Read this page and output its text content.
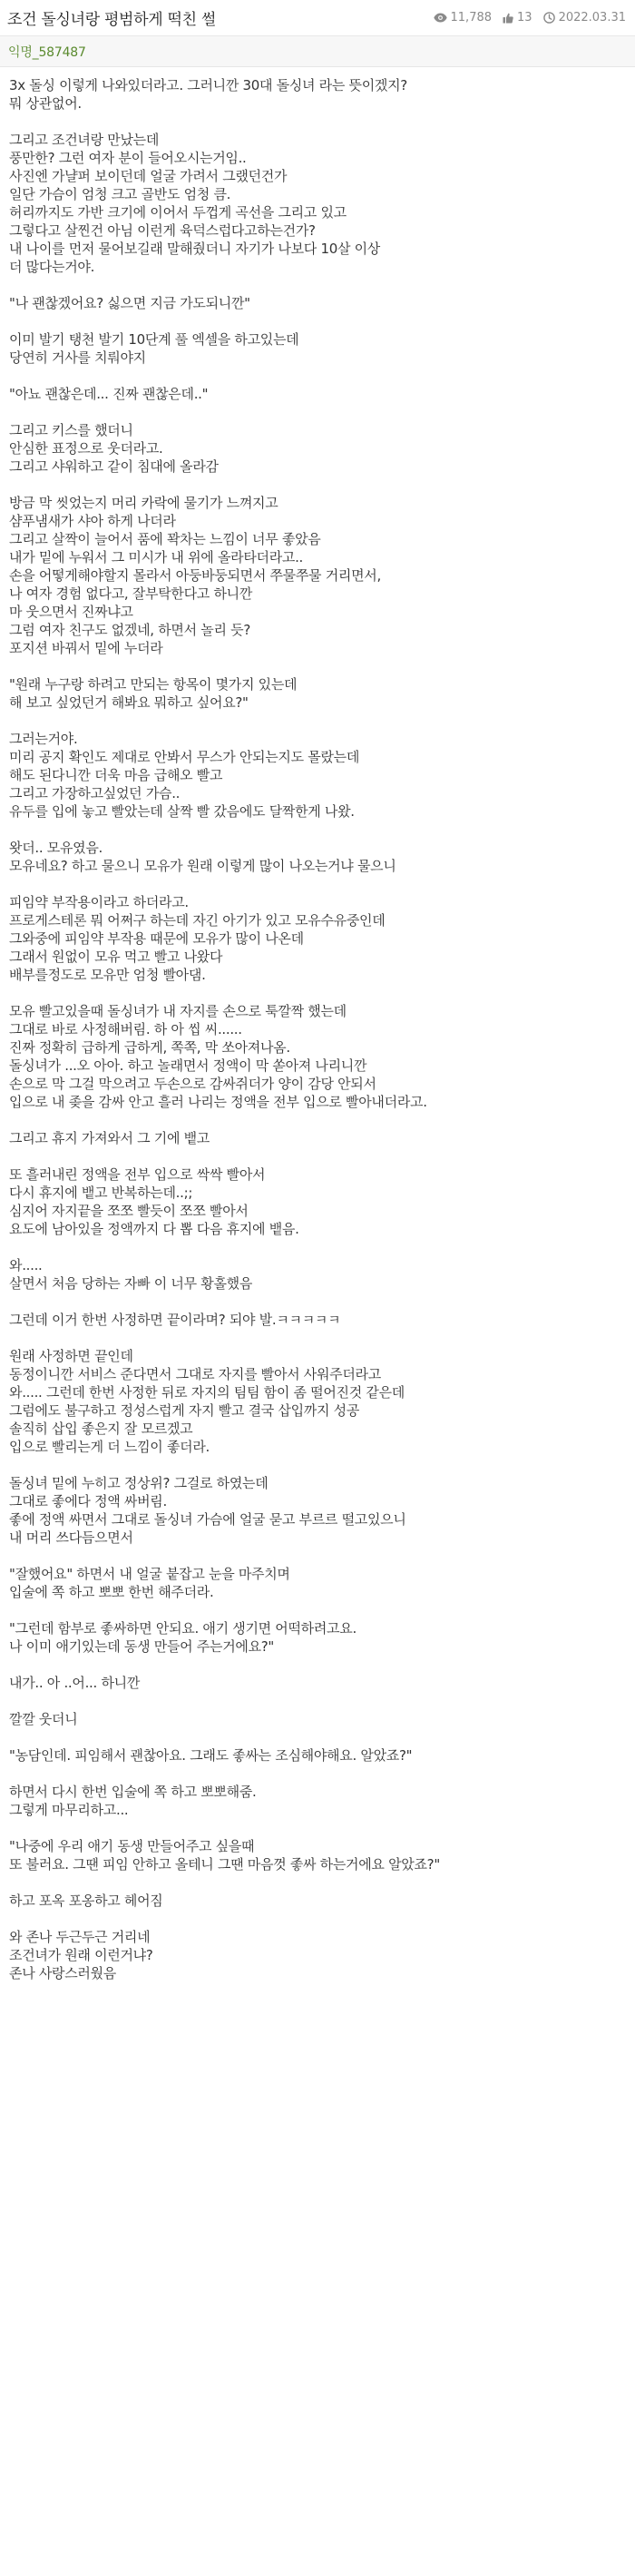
조건 돌싱녀랑 평범하게 떡친 썰	11,788 13 2022.03.31
익명_587487

3x 돌싱 이렇게 나와있더라고. 그러니깐 30대 돌싱녀 라는 뜻이겠지?
뭐 상관없어.

그리고 조건녀랑 만났는데
풍만한? 그런 여자 분이 들어오시는거임..
사진엔 가냘퍼 보이던데 얼굴 가려서 그랬던건가
일단 가슴이 엄청 크고 골반도 엄청 큼.
허리까지도 가반 크기에 이어서 두껍게 곡선을 그리고 있고
그렇다고 살찐건 아님 이런게 육덕스럽다고하는건가?
내 나이를 먼저 물어보길래 말해줬더니 자기가 나보다 10살 이상
더 많다는거야.

"나 괜찮겠어요? 싫으면 지금 가도되니깐"

이미 발기 탱천 발기 10단계 풀 엑셀을 하고있는데
당연히 거사를 치뤄야지

"아뇨 괜찮은데... 진짜 괜찮은데.."

그리고 키스를 했더니
안심한 표정으로 웃더라고.
그리고 샤워하고 같이 침대에 올라감

방금 막 씻었는지 머리 카락에 물기가 느껴지고
샴푸냄새가 샤아 하게 나더라
그리고 살짝이 늘어서 품에 꽉차는 느낌이 너무 좋았음
내가 밑에 누워서 그 미시가 내 위에 올라타더라고..
손을 어떻게해야할지 몰라서 아둥바둥되면서 쭈물쭈물 거리면서,
나 여자 경험 없다고, 잘부탁한다고 하니깐
마 웃으면서 진짜냐고
그럼 여자 친구도 없겠네, 하면서 놀리 듯?
포지션 바꿔서 밑에 누더라

"원래 누구랑 하려고 만되는 항목이 몇가지 있는데
해 보고 싶었던거 해봐요 뭐하고 싶어요?"

그러는거야.
미리 공지 확인도 제대로 안봐서 무스가 안되는지도 몰랐는데
해도 된다니깐 더욱 마음 급해오 빨고
그리고 가장하고싶었던 가슴..
유두를 입에 놓고 빨았는데 살짝 빨 갔음에도 달짝한게 나왔.

왓더.. 모유였음.
모유네요? 하고 물으니 모유가 원래 이렇게 많이 나오는거냐 물으니

피임약 부작용이라고 하더라고.
프로게스테론 뭐 어쩌구 하는데 자긴 아기가 있고 모유수유중인데
그와중에 피임약 부작용 때문에 모유가 많이 나온데
그래서 원없이 모유 먹고 빨고 나왔다
배부를정도로 모유만 엄청 빨아댐.

모유 빨고있을때 돌싱녀가 내 자지를 손으로 툭깔짝 했는데
그대로 바로 사정해버림. 하 아 씹 씨......
진짜 정확히 급하게 급하게, 쪽쪽, 막 쏘아져나옴.
돌싱녀가 ...오 아아. 하고 놀래면서 정액이 막 쏟아져 나리니깐
손으로 막 그걸 막으려고 두손으로 감싸쥐더가 양이 감당 안되서
입으로 내 좆을 감싸 안고 흘러 나리는 정액을 전부 입으로 빨아내더라고.

그리고 휴지 가져와서 그 기에 뱉고

또 흘러내린 정액을 전부 입으로 싹싹 빨아서
다시 휴지에 뱉고 반복하는데..;;
심지어 자지끝을 쪼쪼 빨듯이 쪼쪼 빨아서
요도에 남아있을 정액까지 다 뽑 다음 휴지에 뱉음.

와.....
살면서 처음 당하는 자빠 이 너무 황홀했음

그런데 이거 한번 사정하면 끝이라며? 되야 발.ㅋㅋㅋㅋㅋ

원래 사정하면 끝인데
동정이니깐 서비스 준다면서 그대로 자지를 빨아서 사워주더라고
와..... 그런데 한번 사정한 뒤로 자지의 팀팀 함이 좀 떨어진것 같은데
그럼에도 불구하고 정성스럽게 자지 빨고 결국 삽입까지 성공
솔직히 삽입 좋은지 잘 모르겠고
입으로 빨리는게 더 느낌이 좋더라.

돌싱녀 밑에 누히고 정상위? 그걸로 하였는데
그대로 좋에다 정액 싸버림.
좋에 정액 싸면서 그대로 돌싱녀 가슴에 얼굴 묻고 부르르 떨고있으니
내 머리 쓰다듬으면서

"잘했어요" 하면서 내 얼굴 붙잡고 눈을 마주치며
입술에 쪽 하고 뽀뽀 한번 해주더라.

"그런데 함부로 좋싸하면 안되요. 애기 생기면 어떡하려고요.
나 이미 애기있는데 동생 만들어 주는거에요?"

내가.. 아 ..어... 하니깐

깔깔 웃더니

"농담인데. 피임해서 괜찮아요. 그래도 좋싸는 조심해야해요. 알았죠?"

하면서 다시 한번 입술에 쪽 하고 뽀뽀해줌.
그렇게 마무리하고...

"나중에 우리 애기 동생 만들어주고 싶을때
또 불러요. 그땐 피임 안하고 올테니 그땐 마음껏 좋싸 하는거에요 알았죠?"

하고 포옥 포옹하고 헤어짐

와 존나 두근두근 거리네
조건녀가 원래 이런거냐?
존나 사랑스러웠음
